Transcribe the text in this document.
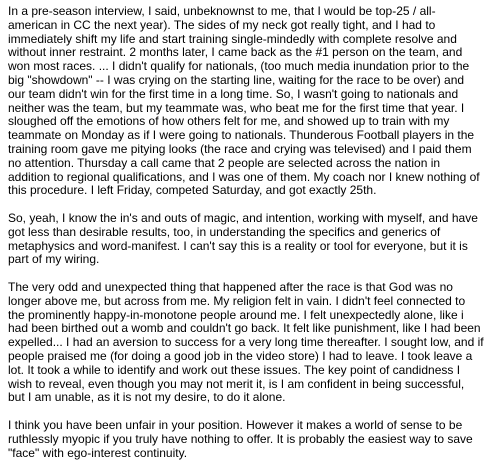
In a pre-season interview, I said, unbeknownst to me, that I would be top-25 / all-american in CC the next year). The sides of my neck got really tight, and I had to immediately shift my life and start training single-mindedly with complete resolve and without inner restraint. 2 months later, I came back as the #1 person on the team, and won most races. ... I didn't qualify for nationals, (too much media inundation prior to the big "showdown" -- I was crying on the starting line, waiting for the race to be over) and our team didn't win for the first time in a long time. So, I wasn't going to nationals and neither was the team, but my teammate was, who beat me for the first time that year. I sloughed off the emotions of how others felt for me, and showed up to train with my teammate on Monday as if I were going to nationals. Thunderous Football players in the training room gave me pitying looks (the race and crying was televised) and I paid them no attention. Thursday a call came that 2 people are selected across the nation in addition to regional qualifications, and I was one of them. My coach nor I knew nothing of this procedure. I left Friday, competed Saturday, and got exactly 25th.

So, yeah, I know the in's and outs of magic, and intention, working with myself, and have got less than desirable results, too, in understanding the specifics and generics of metaphysics and word-manifest. I can't say this is a reality or tool for everyone, but it is part of my wiring.

The very odd and unexpected thing that happened after the race is that God was no longer above me, but across from me. My religion felt in vain. I didn't feel connected to the prominently happy-in-monotone people around me. I felt unexpectedly alone, like i had been birthed out a womb and couldn't go back. It felt like punishment, like I had been expelled... I had an aversion to success for a very long time thereafter. I sought low, and if people praised me (for doing a good job in the video store) I had to leave. I took leave a lot. It took a while to identify and work out these issues. The key point of candidness I wish to reveal, even though you may not merit it, is I am confident in being successful, but I am unable, as it is not my desire, to do it alone.

I think you have been unfair in your position. However it makes a world of sense to be ruthlessly myopic if you truly have nothing to offer. It is probably the easiest way to save "face" with ego-interest continuity.
